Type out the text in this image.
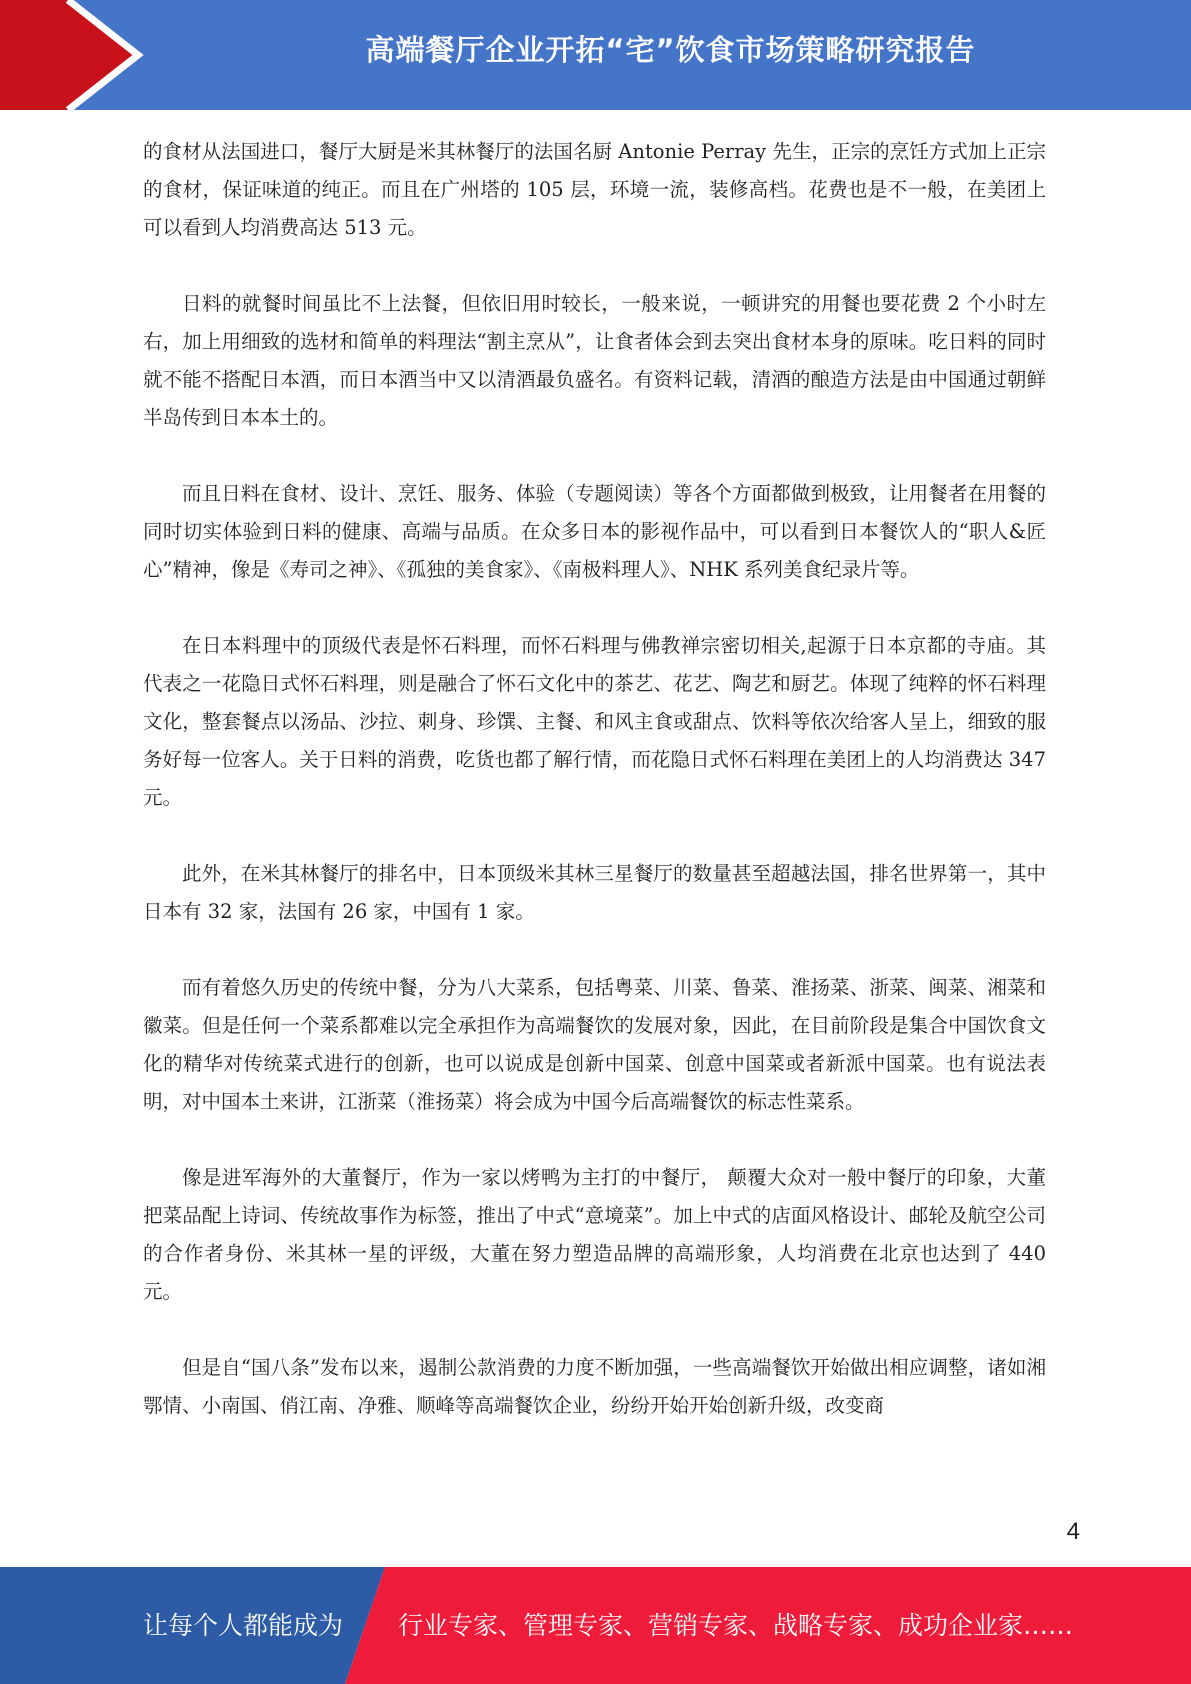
高端餐厅企业开拓“宅”饮食市场策略研究报告

的食材从法国进口，餐厅大厨是米其林餐厅的法国名厨 Antonie Perray 先生，正宗的烹饪方式加上正宗的食材，保证味道的纯正。而且在广州塔的 105 层，环境一流，装修高档。花费也是不一般，在美团上可以看到人均消费高达 513 元。

日料的就餐时间虽比不上法餐，但依旧用时较长，一般来说，一顿讲究的用餐也要花费 2 个小时左右，加上用细致的选材和简单的料理法“割主烹从”，让食者体会到去突出食材本身的原味。吃日料的同时就不能不搭配日本酒，而日本酒当中又以清酒最负盛名。有资料记载，清酒的酿造方法是由中国通过朝鲜半岛传到日本本土的。

而且日料在食材、设计、烹饪、服务、体验（专题阅读）等各个方面都做到极致，让用餐者在用餐的同时切实体验到日料的健康、高端与品质。在众多日本的影视作品中，可以看到日本餐饮人的“职人&匠心”精神，像是《寿司之神》、《孤独的美食家》、《南极料理人》、NHK 系列美食纪录片等。

在日本料理中的顶级代表是怀石料理，而怀石料理与佛教禅宗密切相关,起源于日本京都的寺庙。其代表之一花隐日式怀石料理，则是融合了怀石文化中的茶艺、花艺、陶艺和厨艺。体现了纯粹的怀石料理文化，整套餐点以汤品、沙拉、刺身、珍馔、主餐、和风主食或甜点、饮料等依次给客人呈上，细致的服务好每一位客人。关于日料的消费，吃货也都了解行情，而花隐日式怀石料理在美团上的人均消费达 347 元。

此外，在米其林餐厅的排名中，日本顶级米其林三星餐厅的数量甚至超越法国，排名世界第一，其中日本有 32 家，法国有 26 家，中国有 1 家。

而有着悠久历史的传统中餐，分为八大菜系，包括粤菜、川菜、鲁菜、淮扬菜、浙菜、闽菜、湘菜和徽菜。但是任何一个菜系都难以完全承担作为高端餐饮的发展对象，因此，在目前阶段是集合中国饮食文化的精华对传统菜式进行的创新，也可以说成是创新中国菜、创意中国菜或者新派中国菜。也有说法表明，对中国本土来讲，江浙菜（淮扬菜）将会成为中国今后高端餐饮的标志性菜系。

像是进军海外的大董餐厅，作为一家以烤鸭为主打的中餐厅， 颠覆大众对一般中餐厅的印象，大董把菜品配上诗词、传统故事作为标签，推出了中式“意境菜”。加上中式的店面风格设计、邮轮及航空公司的合作者身份、米其林一星的评级，大董在努力塑造品牌的高端形象，人均消费在北京也达到了 440 元。

但是自“国八条”发布以来，遏制公款消费的力度不断加强，一些高端餐饮开始做出相应调整，诸如湘鄂情、小南国、俏江南、净雅、顺峰等高端餐饮企业，纷纷开始开始创新升级，改变商

4
让每个人都能成为 行业专家、管理专家、营销专家、战略专家、成功企业家……
